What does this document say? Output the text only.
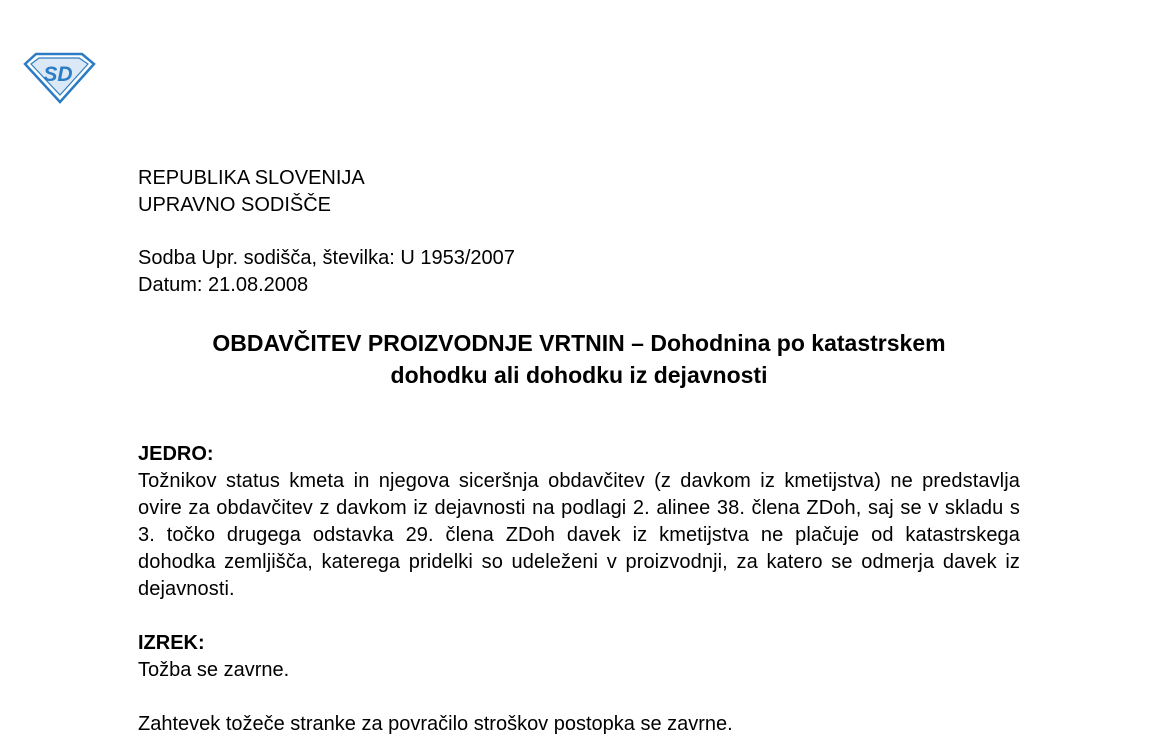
SD
REPUBLIKA SLOVENIJA
UPRAVNO SODIŠČE
Sodba Upr. sodišča, številka: U 1953/2007
Datum: 21.08.2008
OBDAVČITEV PROIZVODNJE VRTNIN – Dohodnina po katastrskem
dohodku ali dohodku iz dejavnosti
JEDRO:
Tožnikov status kmeta in njegova siceršnja obdavčitev (z davkom iz kmetijstva) ne predstavlja ovire za obdavčitev z davkom iz dejavnosti na podlagi 2. alinee 38. člena ZDoh, saj se v skladu s 3. točko drugega odstavka 29. člena ZDoh davek iz kmetijstva ne plačuje od katastrskega dohodka zemljišča, katerega pridelki so udeleženi v proizvodnji, za katero se odmerja davek iz dejavnosti.
IZREK:
Tožba se zavrne.
Zahtevek tožeče stranke za povračilo stroškov postopka se zavrne.
